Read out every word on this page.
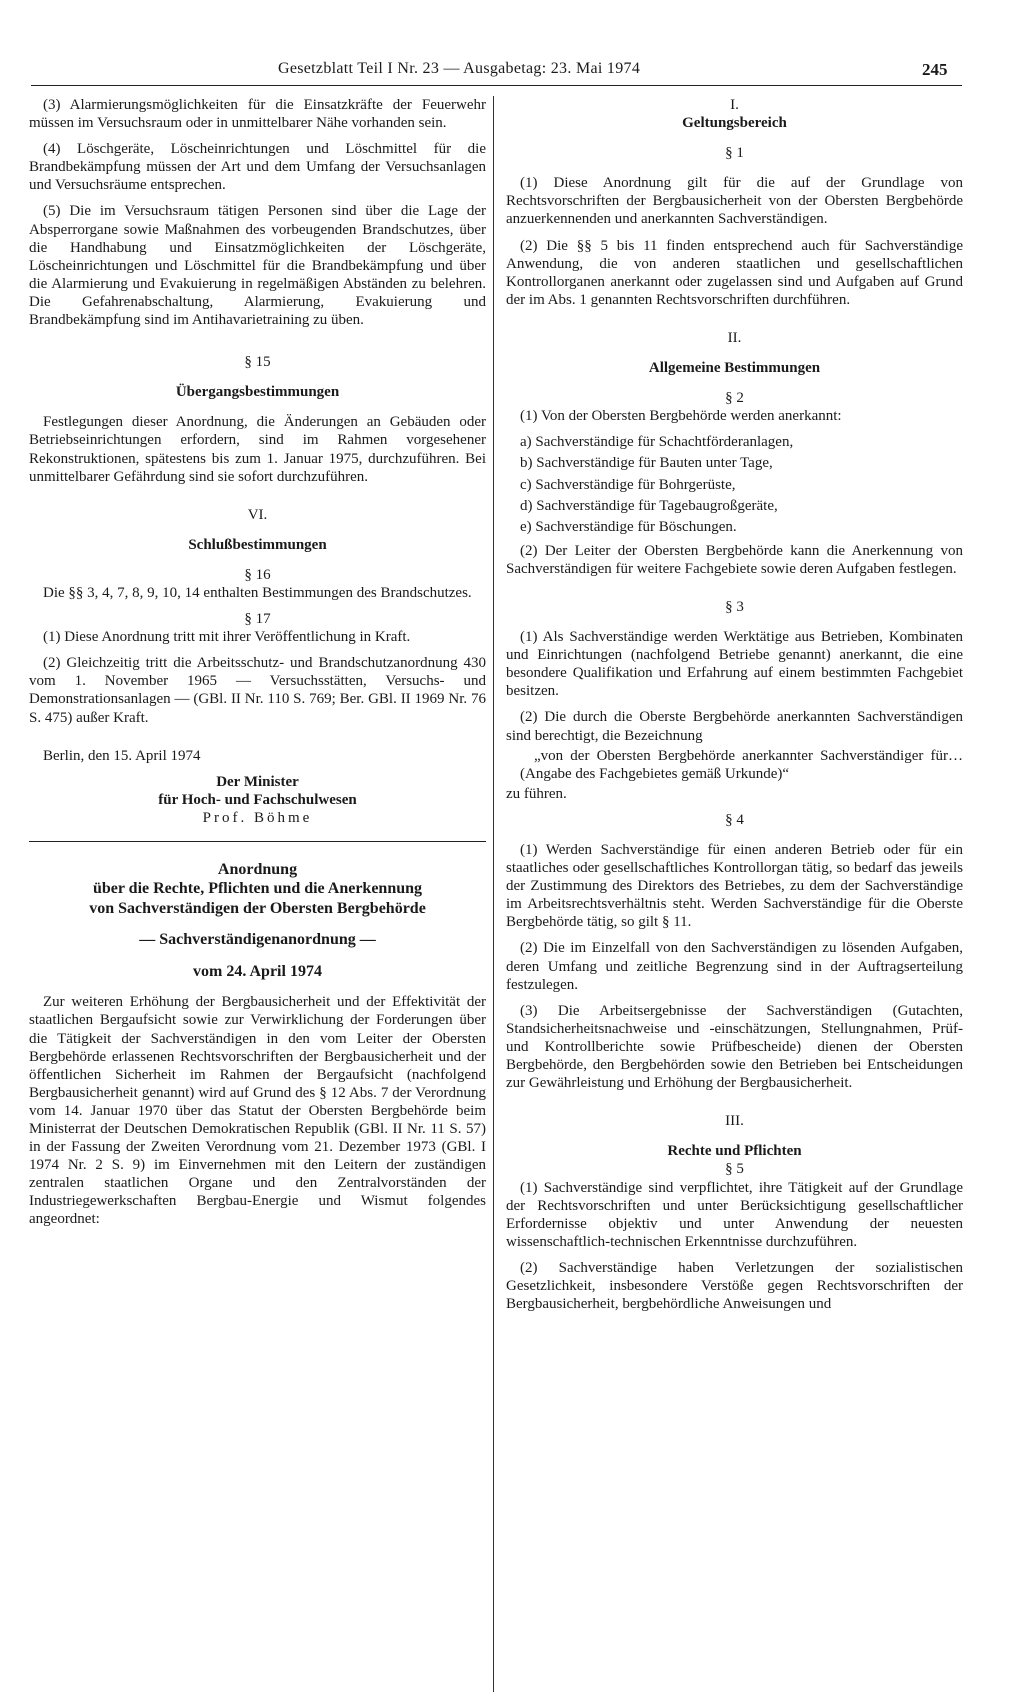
Gesetzblatt Teil I Nr. 23 — Ausgabetag: 23. Mai 1974	245

(3) Alarmierungsmöglichkeiten für die Einsatzkräfte der Feuerwehr müssen im Versuchsraum oder in unmittelbarer Nähe vorhanden sein.

(4) Löschgeräte, Löscheinrichtungen und Löschmittel für die Brandbekämpfung müssen der Art und dem Umfang der Versuchsanlagen und Versuchsräume entsprechen.

(5) Die im Versuchsraum tätigen Personen sind über die Lage der Absperrorgane sowie Maßnahmen des vorbeugenden Brandschutzes, über die Handhabung und Einsatzmöglichkeiten der Löschgeräte, Löscheinrichtungen und Löschmittel für die Brandbekämpfung und über die Alarmierung und Evakuierung in regelmäßigen Abständen zu belehren. Die Gefahrenabschaltung, Alarmierung, Evakuierung und Brandbekämpfung sind im Antihavarietraining zu üben.

§ 15

Übergangsbestimmungen

Festlegungen dieser Anordnung, die Änderungen an Gebäuden oder Betriebseinrichtungen erfordern, sind im Rahmen vorgesehener Rekonstruktionen, spätestens bis zum 1. Januar 1975, durchzuführen. Bei unmittelbarer Gefährdung sind sie sofort durchzuführen.

VI.

Schlußbestimmungen

§ 16

Die §§ 3, 4, 7, 8, 9, 10, 14 enthalten Bestimmungen des Brandschutzes.

§ 17

(1) Diese Anordnung tritt mit ihrer Veröffentlichung in Kraft.

(2) Gleichzeitig tritt die Arbeitsschutz- und Brandschutzanordnung 430 vom 1. November 1965 — Versuchsstätten, Versuchs- und Demonstrationsanlagen — (GBl. II Nr. 110 S. 769; Ber. GBl. II 1969 Nr. 76 S. 475) außer Kraft.

Berlin, den 15. April 1974

Der Minister

für Hoch- und Fachschulwesen

Prof. Böhme

Anordnung

über die Rechte, Pflichten und die Anerkennung

von Sachverständigen der Obersten Bergbehörde

— Sachverständigenanordnung —

vom 24. April 1974

Zur weiteren Erhöhung der Bergbausicherheit und der Effektivität der staatlichen Bergaufsicht sowie zur Verwirklichung der Forderungen über die Tätigkeit der Sachverständigen in den vom Leiter der Obersten Bergbehörde erlassenen Rechtsvorschriften der Bergbausicherheit und der öffentlichen Sicherheit im Rahmen der Bergaufsicht (nachfolgend Bergbausicherheit genannt) wird auf Grund des § 12 Abs. 7 der Verordnung vom 14. Januar 1970 über das Statut der Obersten Bergbehörde beim Ministerrat der Deutschen Demokratischen Republik (GBl. II Nr. 11 S. 57) in der Fassung der Zweiten Verordnung vom 21. Dezember 1973 (GBl. I 1974 Nr. 2 S. 9) im Einvernehmen mit den Leitern der zuständigen zentralen staatlichen Organe und den Zentralvorständen der Industriegewerkschaften Bergbau-Energie und Wismut folgendes angeordnet:

I.

Geltungsbereich

§ 1

(1) Diese Anordnung gilt für die auf der Grundlage von Rechtsvorschriften der Bergbausicherheit von der Obersten Bergbehörde anzuerkennenden und anerkannten Sachverständigen.

(2) Die §§ 5 bis 11 finden entsprechend auch für Sachverständige Anwendung, die von anderen staatlichen und gesellschaftlichen Kontrollorganen anerkannt oder zugelassen sind und Aufgaben auf Grund der im Abs. 1 genannten Rechtsvorschriften durchführen.

II.

Allgemeine Bestimmungen

§ 2

(1) Von der Obersten Bergbehörde werden anerkannt:

a) Sachverständige für Schachtförderanlagen,
b) Sachverständige für Bauten unter Tage,
c) Sachverständige für Bohrgerüste,
d) Sachverständige für Tagebaugroßgeräte,
e) Sachverständige für Böschungen.

(2) Der Leiter der Obersten Bergbehörde kann die Anerkennung von Sachverständigen für weitere Fachgebiete sowie deren Aufgaben festlegen.

§ 3

(1) Als Sachverständige werden Werktätige aus Betrieben, Kombinaten und Einrichtungen (nachfolgend Betriebe genannt) anerkannt, die eine besondere Qualifikation und Erfahrung auf einem bestimmten Fachgebiet besitzen.

(2) Die durch die Oberste Bergbehörde anerkannten Sachverständigen sind berechtigt, die Bezeichnung

„von der Obersten Bergbehörde anerkannter Sachverständiger für… (Angabe des Fachgebietes gemäß Urkunde)“

zu führen.

§ 4

(1) Werden Sachverständige für einen anderen Betrieb oder für ein staatliches oder gesellschaftliches Kontrollorgan tätig, so bedarf das jeweils der Zustimmung des Direktors des Betriebes, zu dem der Sachverständige im Arbeitsrechtsverhältnis steht. Werden Sachverständige für die Oberste Bergbehörde tätig, so gilt § 11.

(2) Die im Einzelfall von den Sachverständigen zu lösenden Aufgaben, deren Umfang und zeitliche Begrenzung sind in der Auftragserteilung festzulegen.

(3) Die Arbeitsergebnisse der Sachverständigen (Gutachten, Standsicherheitsnachweise und -einschätzungen, Stellungnahmen, Prüf- und Kontrollberichte sowie Prüfbescheide) dienen der Obersten Bergbehörde, den Bergbehörden sowie den Betrieben bei Entscheidungen zur Gewährleistung und Erhöhung der Bergbausicherheit.

III.

Rechte und Pflichten

§ 5

(1) Sachverständige sind verpflichtet, ihre Tätigkeit auf der Grundlage der Rechtsvorschriften und unter Berücksichtigung gesellschaftlicher Erfordernisse objektiv und unter Anwendung der neuesten wissenschaftlich-technischen Erkenntnisse durchzuführen.

(2) Sachverständige haben Verletzungen der sozialistischen Gesetzlichkeit, insbesondere Verstöße gegen Rechtsvorschriften der Bergbausicherheit, bergbehördliche Anweisungen und
